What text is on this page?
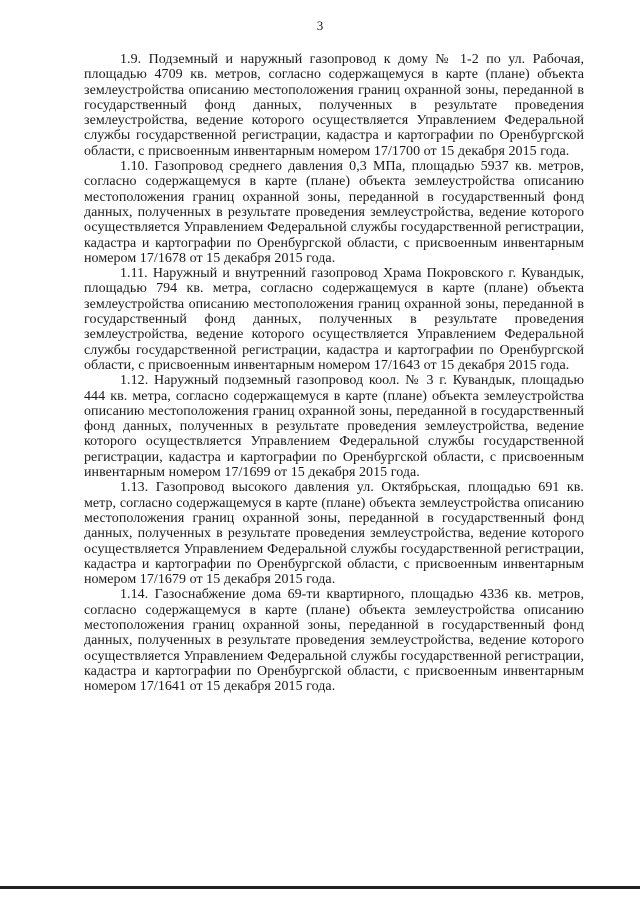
3

1.9. Подземный и наружный газопровод к дому № 1-2 по ул. Рабочая, площадью 4709 кв. метров, согласно содержащемуся в карте (плане) объекта землеустройства описанию местоположения границ охранной зоны, переданной в государственный фонд данных, полученных в результате проведения землеустройства, ведение которого осуществляется Управлением Федеральной службы государственной регистрации, кадастра и картографии по Оренбургской области, с присвоенным инвентарным номером 17/1700 от 15 декабря 2015 года.

1.10. Газопровод среднего давления 0,3 МПа, площадью 5937 кв. метров, согласно содержащемуся в карте (плане) объекта землеустройства описанию местоположения границ охранной зоны, переданной в государственный фонд данных, полученных в результате проведения землеустройства, ведение которого осуществляется Управлением Федеральной службы государственной регистрации, кадастра и картографии по Оренбургской области, с присвоенным инвентарным номером 17/1678 от 15 декабря 2015 года.

1.11. Наружный и внутренний газопровод Храма Покровского г. Кувандык, площадью 794 кв. метра, согласно содержащемуся в карте (плане) объекта землеустройства описанию местоположения границ охранной зоны, переданной в государственный фонд данных, полученных в результате проведения землеустройства, ведение которого осуществляется Управлением Федеральной службы государственной регистрации, кадастра и картографии по Оренбургской области, с присвоенным инвентарным номером 17/1643 от 15 декабря 2015 года.

1.12. Наружный подземный газопровод коол. № 3 г. Кувандык, площадью 444 кв. метра, согласно содержащемуся в карте (плане) объекта землеустройства описанию местоположения границ охранной зоны, переданной в государственный фонд данных, полученных в результате проведения землеустройства, ведение которого осуществляется Управлением Федеральной службы государственной регистрации, кадастра и картографии по Оренбургской области, с присвоенным инвентарным номером 17/1699 от 15 декабря 2015 года.

1.13. Газопровод высокого давления ул. Октябрьская, площадью 691 кв. метр, согласно содержащемуся в карте (плане) объекта землеустройства описанию местоположения границ охранной зоны, переданной в государственный фонд данных, полученных в результате проведения землеустройства, ведение которого осуществляется Управлением Федеральной службы государственной регистрации, кадастра и картографии по Оренбургской области, с присвоенным инвентарным номером 17/1679 от 15 декабря 2015 года.

1.14. Газоснабжение дома 69-ти квартирного, площадью 4336 кв. метров, согласно содержащемуся в карте (плане) объекта землеустройства описанию местоположения границ охранной зоны, переданной в государственный фонд данных, полученных в результате проведения землеустройства, ведение которого осуществляется Управлением Федеральной службы государственной регистрации, кадастра и картографии по Оренбургской области, с присвоенным инвентарным номером 17/1641 от 15 декабря 2015 года.
